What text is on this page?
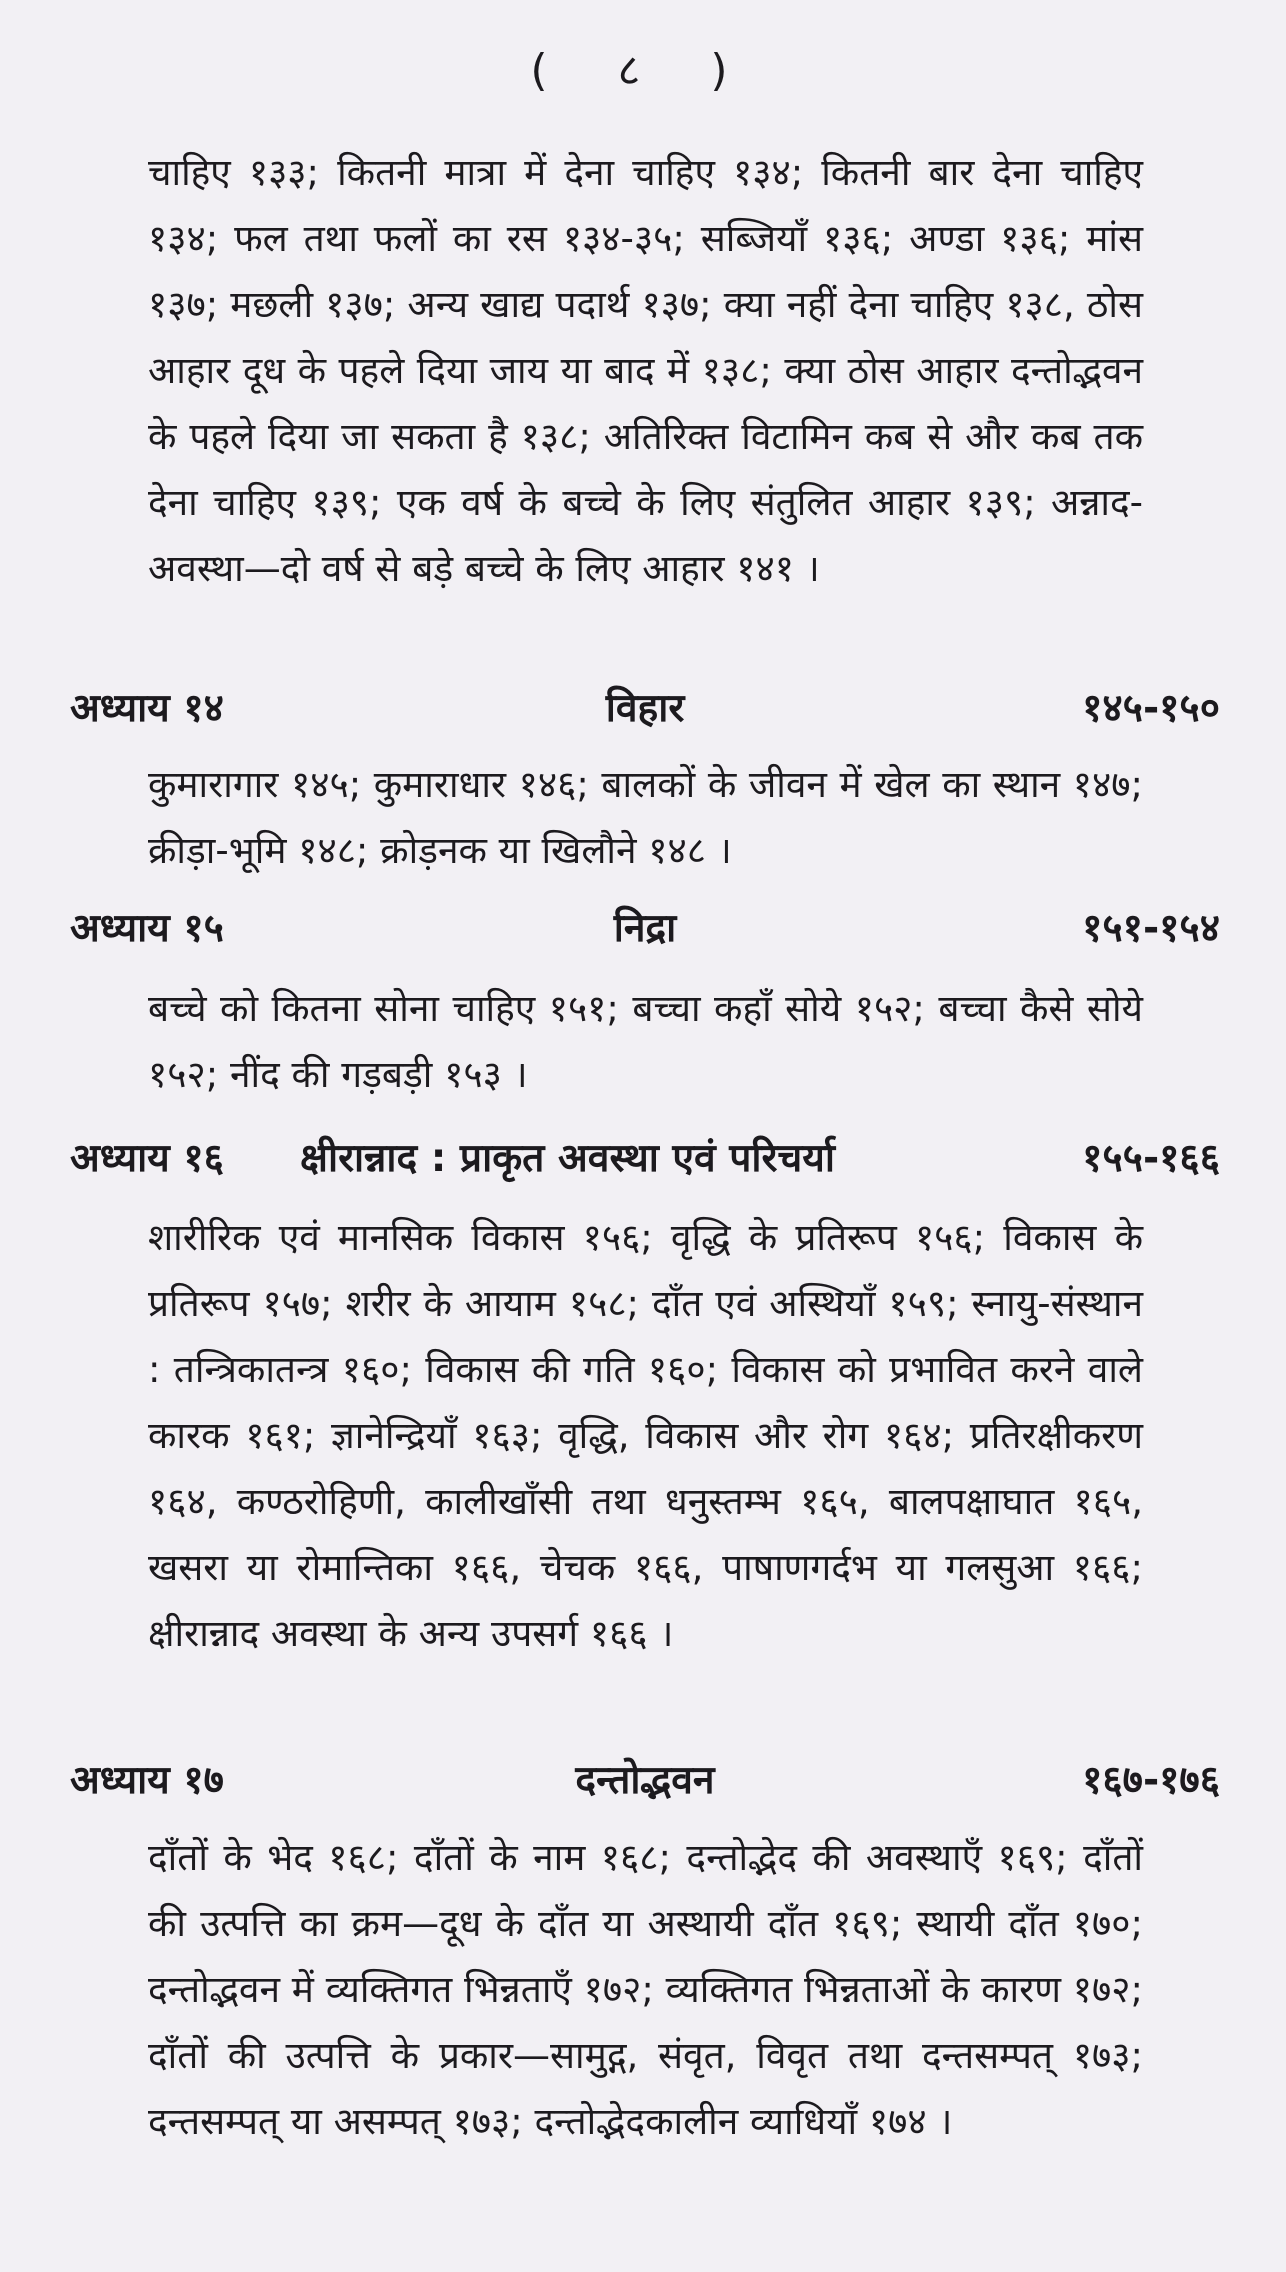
( ८ )

चाहिए १३३; कितनी मात्रा में देना चाहिए १३४; कितनी बार देना चाहिए १३४; फल तथा फलों का रस १३४-३५; सब्जियाँ १३६; अण्डा १३६; मांस १३७; मछली १३७; अन्य खाद्य पदार्थ १३७; क्या नहीं देना चाहिए १३८, ठोस आहार दूध के पहले दिया जाय या बाद में १३८; क्या ठोस आहार दन्तोद्भवन के पहले दिया जा सकता है १३८; अतिरिक्त विटामिन कब से और कब तक देना चाहिए १३९; एक वर्ष के बच्चे के लिए संतुलित आहार १३९; अन्नाद-अवस्था—दो वर्ष से बड़े बच्चे के लिए आहार १४१ ।

अध्याय १४	विहार	१४५-१५०

कुमारागार १४५; कुमाराधार १४६; बालकों के जीवन में खेल का स्थान १४७; क्रीड़ा-भूमि १४८; क्रोड़नक या खिलौने १४८ ।

अध्याय १५	निद्रा	१५१-१५४

बच्चे को कितना सोना चाहिए १५१; बच्चा कहाँ सोये १५२; बच्चा कैसे सोये १५२; नींद की गड़बड़ी १५३ ।

अध्याय १६ क्षीरान्नाद : प्राकृत अवस्था एवं परिचर्या	१५५-१६६

शारीरिक एवं मानसिक विकास १५६; वृद्धि के प्रतिरूप १५६; विकास के प्रतिरूप १५७; शरीर के आयाम १५८; दाँत एवं अस्थियाँ १५९; स्नायु-संस्थान : तन्त्रिकातन्त्र १६०; विकास की गति १६०; विकास को प्रभावित करने वाले कारक १६१; ज्ञानेन्द्रियाँ १६३; वृद्धि, विकास और रोग १६४; प्रतिरक्षीकरण १६४, कण्ठरोहिणी, कालीखाँसी तथा धनुस्तम्भ १६५, बालपक्षाघात १६५, खसरा या रोमान्तिका १६६, चेचक १६६, पाषाणगर्दभ या गलसुआ १६६; क्षीरान्नाद अवस्था के अन्य उपसर्ग १६६ ।

अध्याय १७	दन्तोद्भवन	१६७-१७६

दाँतों के भेद १६८; दाँतों के नाम १६८; दन्तोद्भेद की अवस्थाएँ १६९; दाँतों की उत्पत्ति का क्रम—दूध के दाँत या अस्थायी दाँत १६९; स्थायी दाँत १७०; दन्तोद्भवन में व्यक्तिगत भिन्नताएँ १७२; व्यक्तिगत भिन्नताओं के कारण १७२; दाँतों की उत्पत्ति के प्रकार—सामुद्ग, संवृत, विवृत तथा दन्तसम्पत् १७३; दन्तसम्पत् या असम्पत् १७३; दन्तोद्भेदकालीन व्याधियाँ १७४ ।
